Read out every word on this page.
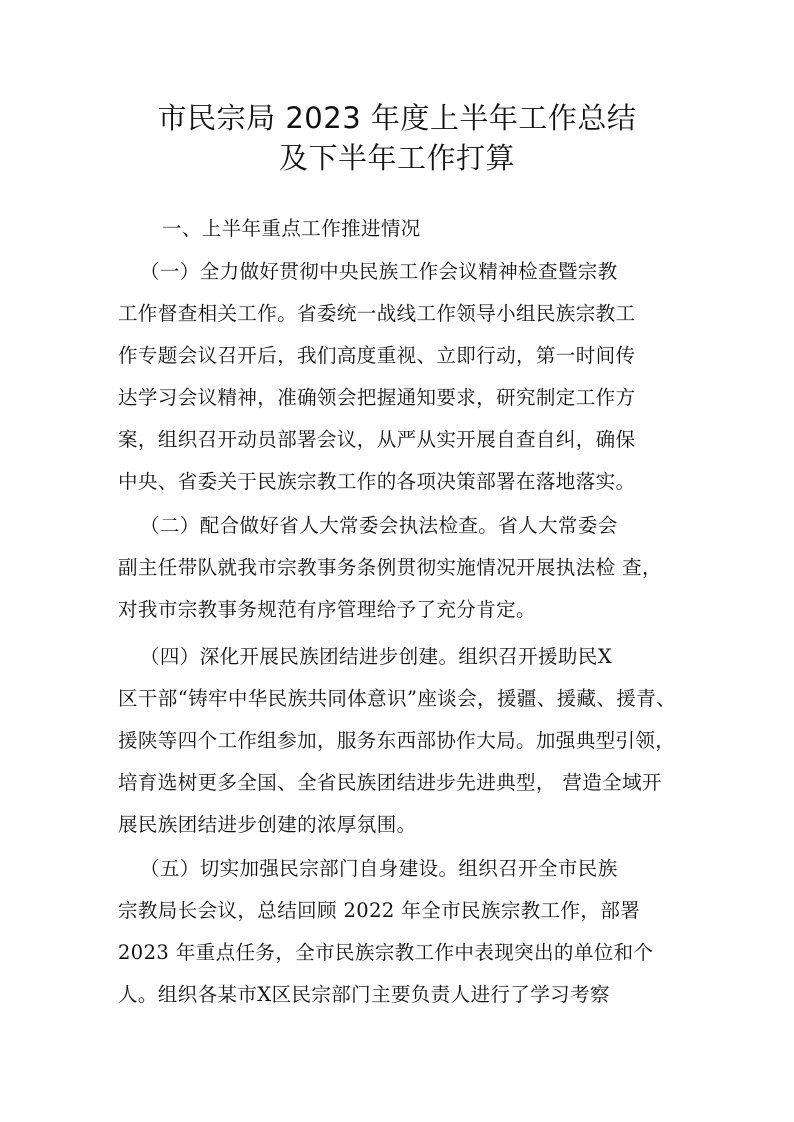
市民宗局 2023 年度上半年工作总结
及下半年工作打算
一、上半年重点工作推进情况
（一）全力做好贯彻中央民族工作会议精神检查暨宗教
工作督查相关工作。省委统一战线工作领导小组民族宗教工
作专题会议召开后，我们高度重视、立即行动，第一时间传
达学习会议精神，准确领会把握通知要求，研究制定工作方
案，组织召开动员部署会议，从严从实开展自查自纠，确保
中央、省委关于民族宗教工作的各项决策部署在落地落实。
（二）配合做好省人大常委会执法检查。省人大常委会
副主任带队就我市宗教事务条例贯彻实施情况开展执法检 查，
对我市宗教事务规范有序管理给予了充分肯定。
（四）深化开展民族团结进步创建。组织召开援助民X
区干部“铸牢中华民族共同体意识”座谈会，援疆、援藏、援青、
援陕等四个工作组参加，服务东西部协作大局。加强典型引领，
培育选树更多全国、全省民族团结进步先进典型， 营造全域开
展民族团结进步创建的浓厚氛围。
（五）切实加强民宗部门自身建设。组织召开全市民族
宗教局长会议，总结回顾 2022 年全市民族宗教工作，部署
2023 年重点任务，全市民族宗教工作中表现突出的单位和个
人。组织各某市X区民宗部门主要负责人进行了学习考察
